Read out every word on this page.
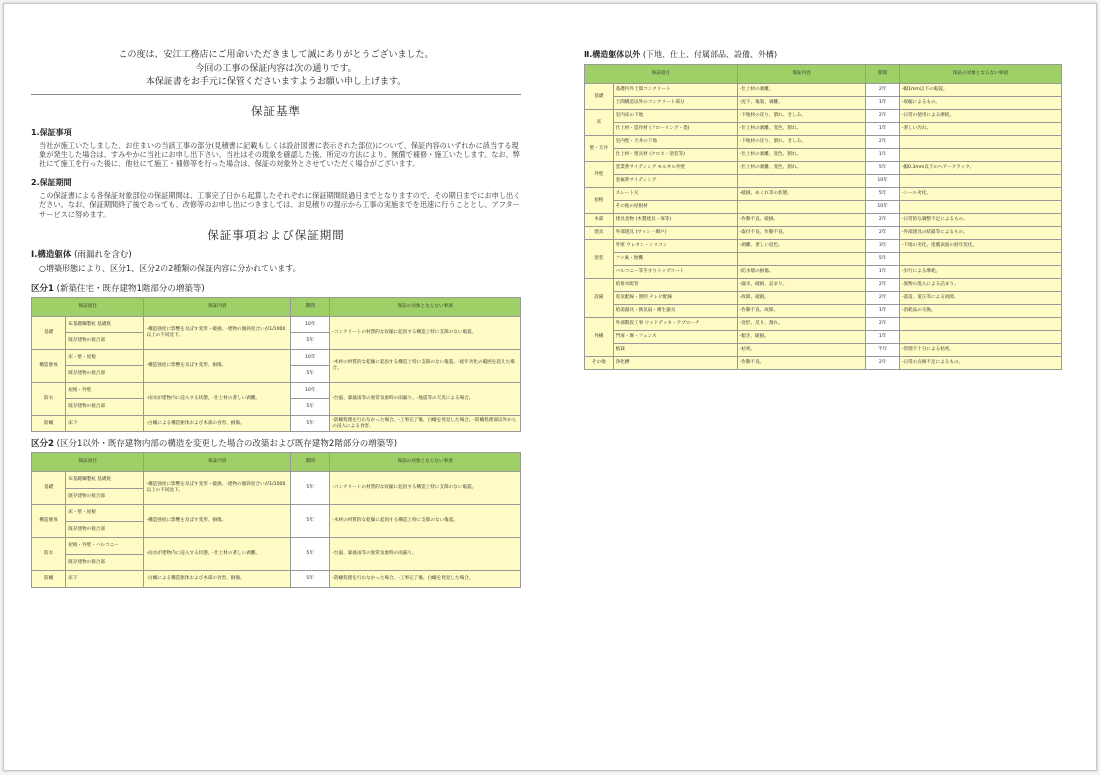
この度は、安江工務店にご用命いただきまして誠にありがとうございました。
今回の工事の保証内容は次の通りです。
本保証書をお手元に保管くださいますようお願い申し上げます。
保証基準
1.保証事項

当社が施工いたしました、お住まいの当該工事の部分(見積書に記載もしくは設計図書に表示された部位)について、保証内容のいずれかに該当する現象が発生した場合は、すみやかに当社にお申し出下さい。当社はその現象を確認した後、所定の方法により、無償で補修・施工いたします。なお、弊社にて施工を行った後に、他社にて施工・補修等を行った場合は、保証の対象外とさせていただく場合がございます。

2.保証期間

この保証書による各保証対象部位の保証期間は、工事完了日から起算したそれぞれに保証期間経過日までとなりますので、その期日までにお申し出ください。なお、保証期間終了後であっても、改修等のお申し出につきましては、お見積りの提示から工事の実施までを迅速に行うこととし、アフターサービスに努めます。

保証事項および保証期間
Ⅰ.構造躯体 (雨漏れを含む)
○増築形態により、区分1、区分2の2種類の保証内容に分かれています。
区分1 (新築住宅・既存建物1階部分の増築等)
保証項目		保証内容	期間	保証の対象とならない事項
基礎	布基礎鋼製杭 基礎底	-構造強度に影響を及ぼす変形・破損。-建物の傾斜度合いが1/1000以上の不同沈下。	10年	-コンクリートの材質的な収縮に起因する構造上特に支障のない亀裂。
	既存建物の接合部		5年	
構造躯体	床・壁・屋根	-構造強度に影響を及ぼす変形、損傷。	10年	-木材の材質的な乾燥に起因する構造上特に支障のない亀裂。-経年劣化の範囲を超えた場合。
	既存建物の接合部		5年	
防水	屋根・外壁	-雨水が建物内に浸入する状態。-仕上材の著しい剥離。	10年	-台風、暴風雨等の異常気象時の雨漏り。-地震等の天災による場合。
	既存建物の接合部		5年	
防蟻	床下	-白蟻による構造躯体および木部の食害、損傷。	5年	-防蟻処理を行わなかった場合。-工事完了後、白蟻を発見した場合。-防蟻処理部以外からの浸入による食害。
区分2 (区分1以外・既存建物内部の構造を変更した場合の改築および既存建物2階部分の増築等)
保証項目		保証内容	期間	保証の対象とならない事項
基礎	布基礎鋼製杭 基礎底	-構造強度に影響を及ぼす変形・破損。-建物の傾斜度合いが1/1000以上の不同沈下。	5年	-コンクリートの材質的な収縮に起因する構造上特に支障のない亀裂。
	既存建物の接合部			
構造躯体	床・壁・屋根	-構造強度に影響を及ぼす変形、損傷。	5年	-木材の材質的な乾燥に起因する構造上特に支障のない亀裂。
	既存建物の接合部			
防水	屋根・外壁・バルコニー	-雨水が建物内に浸入する状態。-仕上材の著しい剥離。	5年	-台風、暴風雨等の異常気象時の雨漏り。
	既存建物の接合部			
防蟻	床下	-白蟻による構造躯体および木部の食害、損傷。	5年	-防蟻処理を行わなかった場合。-工事完了後、白蟻を発見した場合。
Ⅱ.構造躯体以外 (下地、仕上、付属部品、設備、外構)
保証項目		保証内容	期間	保証の対象とならない事項
基礎	基礎内外土間コンクリート	-仕上材の剥離。	2年	-幅1mm以下の亀裂。
	土間構造以外のコンクリート部分	-沈下、亀裂、剥離。	1年	-収縮によるもの。
床	室内床の下地	-下地材の反り、割れ、きしみ。	2年	-日常の使用による摩耗。
	仕上材・造作材 (フローリング・畳)	-仕上材の剥離、変色、割れ。	1年	-著しい汚れ。
壁・天井	室内壁・天井の下地	-下地材の反り、割れ、きしみ。	2年	
	仕上材・建具材 (クロス・塗装等)	-仕上材の剥離、変色、割れ。	1年	
外壁	窯業系サイディング モルタル外壁	-仕上材の剥離、変色、割れ。	5年	-幅0.3mm以下のヘアークラック。
	金属系サイディング		10年	
屋根	スレート瓦	-破損、めくれ等の状態。	5年	-シール劣化。
	その他の屋根材		10年	
木部	建具金物 (木製建具・扉等)	-作動不良、破損。	2年	-日常的な調整不足によるもの。
建具	外部建具 (サッシ・網戸)	-取付不良、作動不良。	2年	-外部建具の結露等によるもの。
塗装	外壁 ウレタン・シリコン	-剥離、著しい退色。	3年	-下地の劣化、塗膜表面の経年変化。
	フッ素・無機		5年	
	バルコニー等手すりトップコート	-防水層の損傷。	1年	-歩行による摩耗。
設備	給排水配管	-漏水、破損、詰まり。	2年	-異物の混入による詰まり。
	電気配線・照明 テレビ配線	-故障、破損。	2年	-落雷、電圧等による故障。
	給湯器具・換気扇・衛生器具	-作動不良、故障。	1年	-消耗品の交換。
外構	外部階段工事 ウッドデッキ・アプローチ	-変形、反り、割れ。	2年	
	門扉・塀・フェンス	-傾き、破損。	1年	
	植栽	-枯死。	半年	-管理不十分による枯死。
その他	浄化槽	-作動不良。	2年	-日常の点検不足によるもの。
